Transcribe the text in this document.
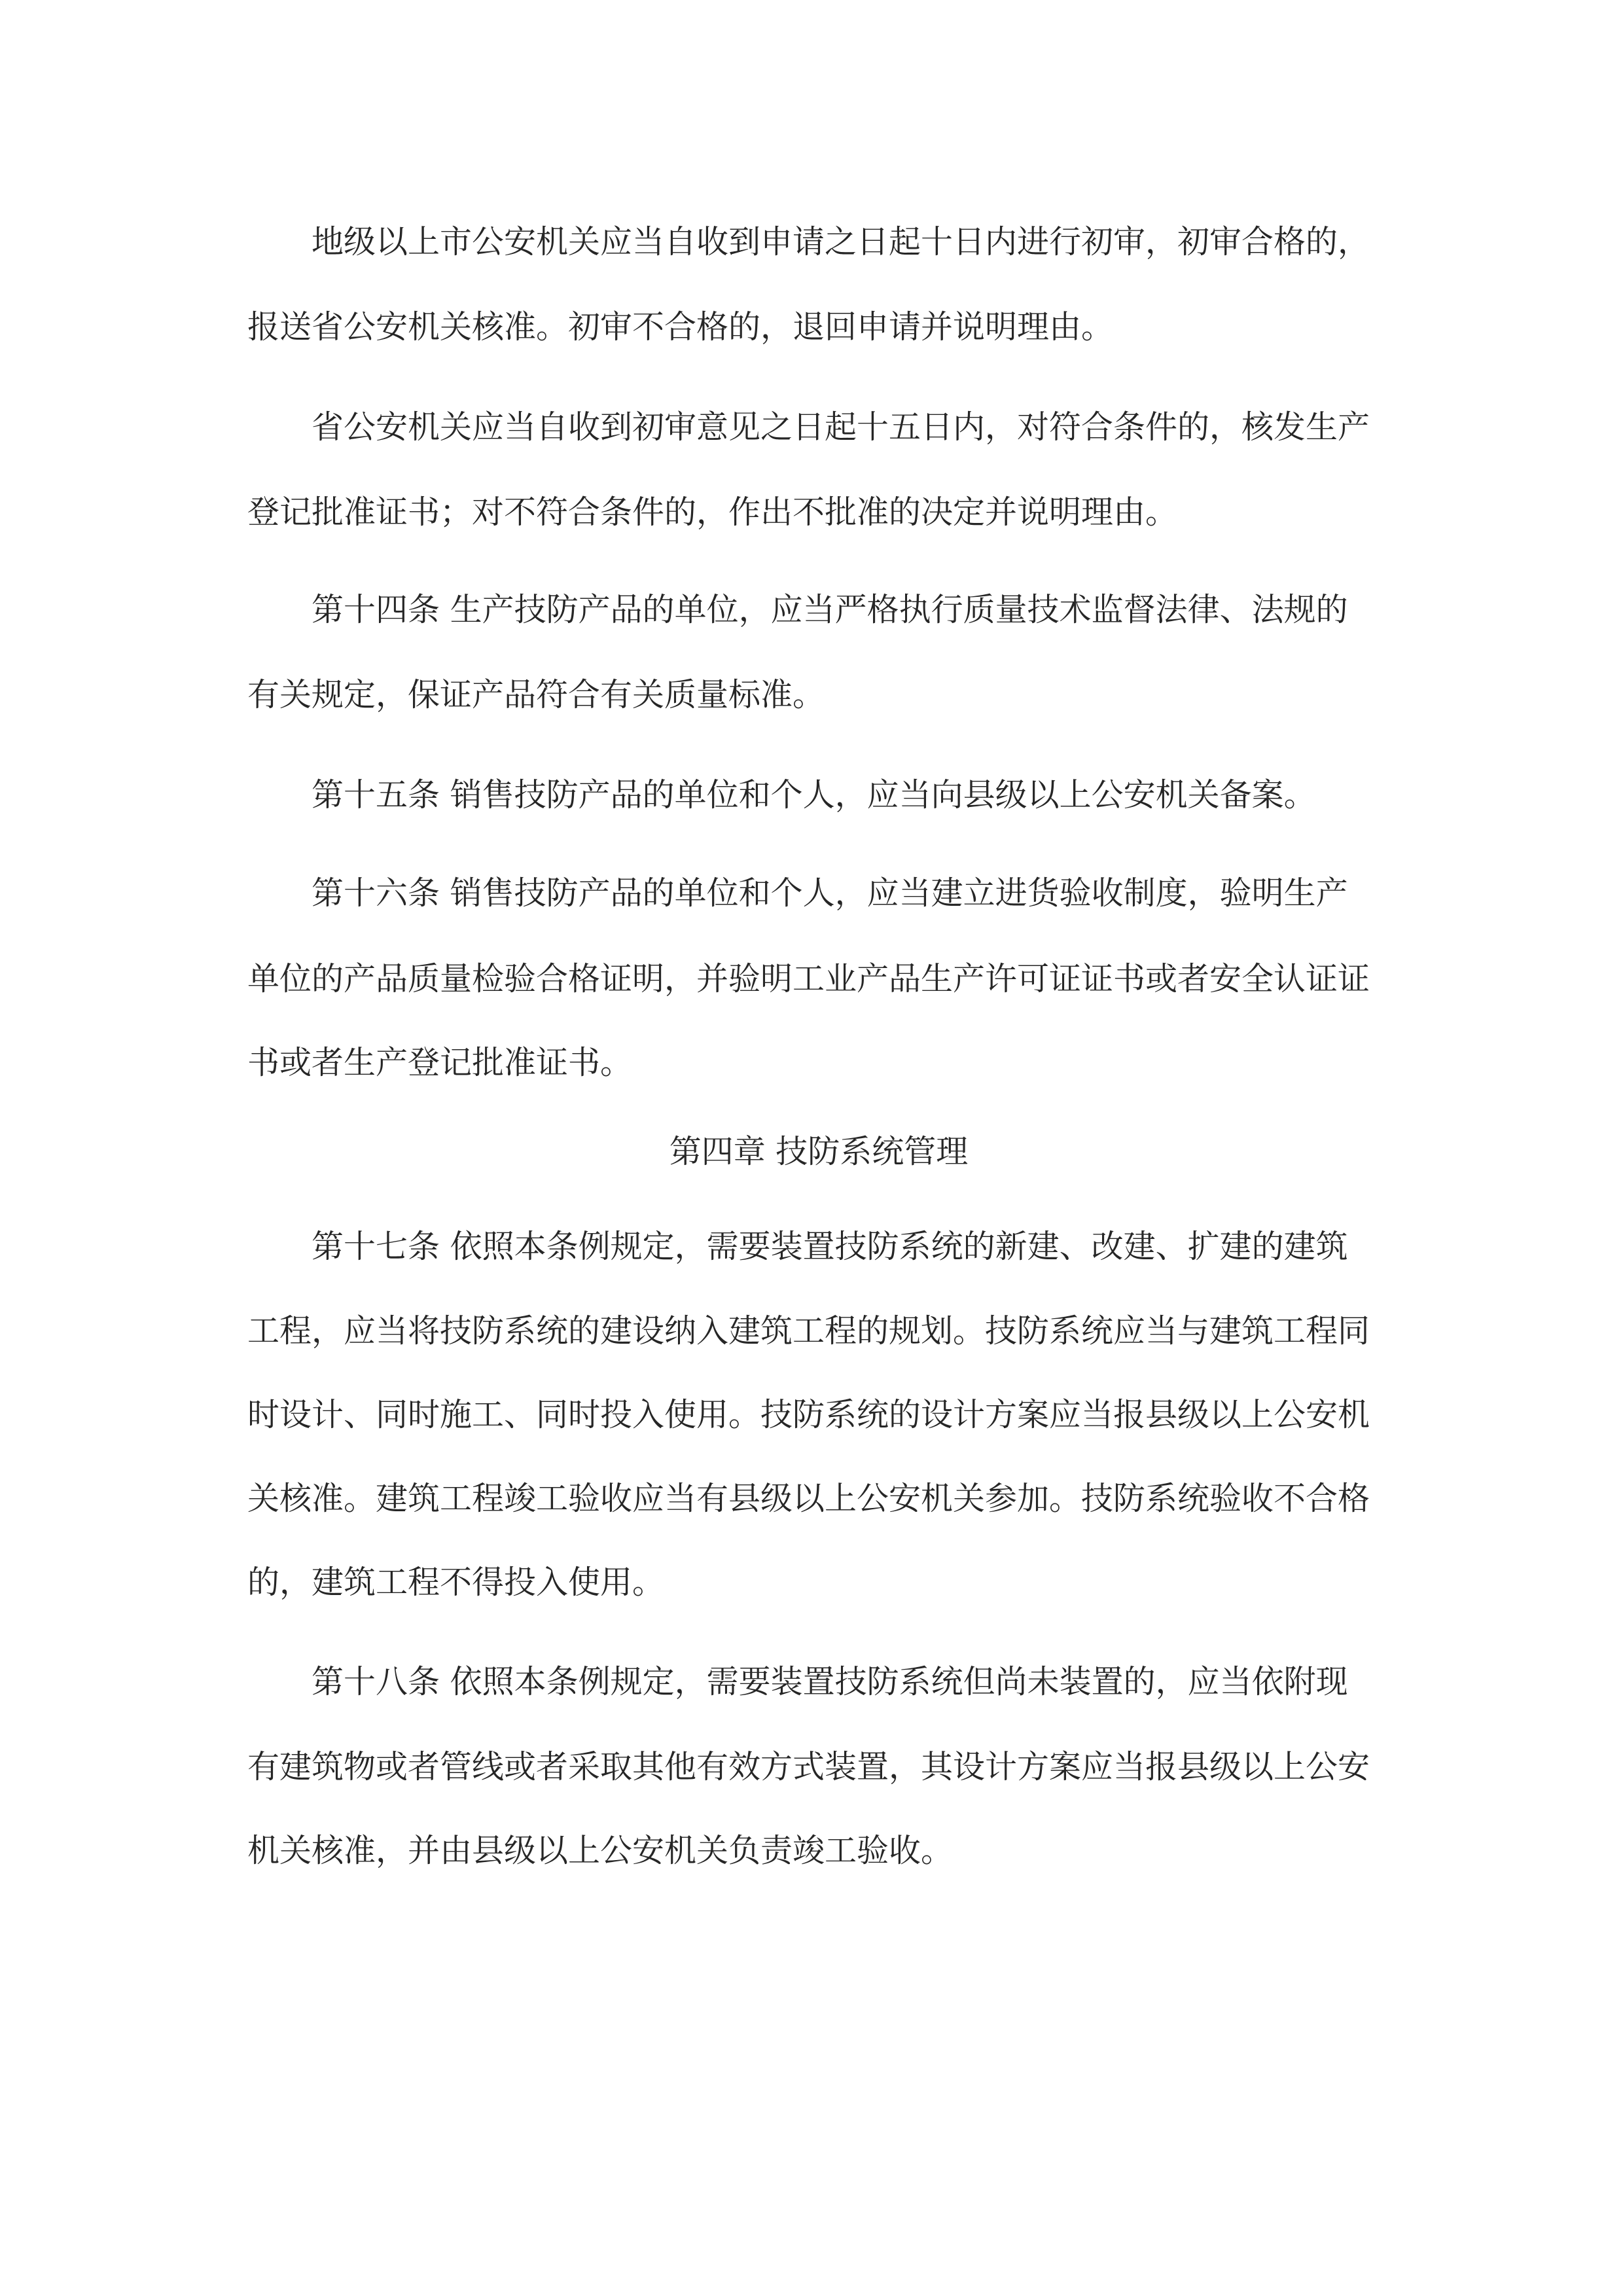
地级以上市公安机关应当自收到申请之日起十日内进行初审，初审合格的，
报送省公安机关核准。初审不合格的，退回申请并说明理由。
省公安机关应当自收到初审意见之日起十五日内，对符合条件的，核发生产
登记批准证书；对不符合条件的，作出不批准的决定并说明理由。
第十四条 生产技防产品的单位，应当严格执行质量技术监督法律、法规的
有关规定，保证产品符合有关质量标准。
第十五条 销售技防产品的单位和个人，应当向县级以上公安机关备案。
第十六条 销售技防产品的单位和个人，应当建立进货验收制度，验明生产
单位的产品质量检验合格证明，并验明工业产品生产许可证证书或者安全认证证
书或者生产登记批准证书。
第四章 技防系统管理
第十七条 依照本条例规定，需要装置技防系统的新建、改建、扩建的建筑
工程，应当将技防系统的建设纳入建筑工程的规划。技防系统应当与建筑工程同
时设计、同时施工、同时投入使用。技防系统的设计方案应当报县级以上公安机
关核准。建筑工程竣工验收应当有县级以上公安机关参加。技防系统验收不合格
的，建筑工程不得投入使用。
第十八条 依照本条例规定，需要装置技防系统但尚未装置的，应当依附现
有建筑物或者管线或者采取其他有效方式装置，其设计方案应当报县级以上公安
机关核准，并由县级以上公安机关负责竣工验收。
